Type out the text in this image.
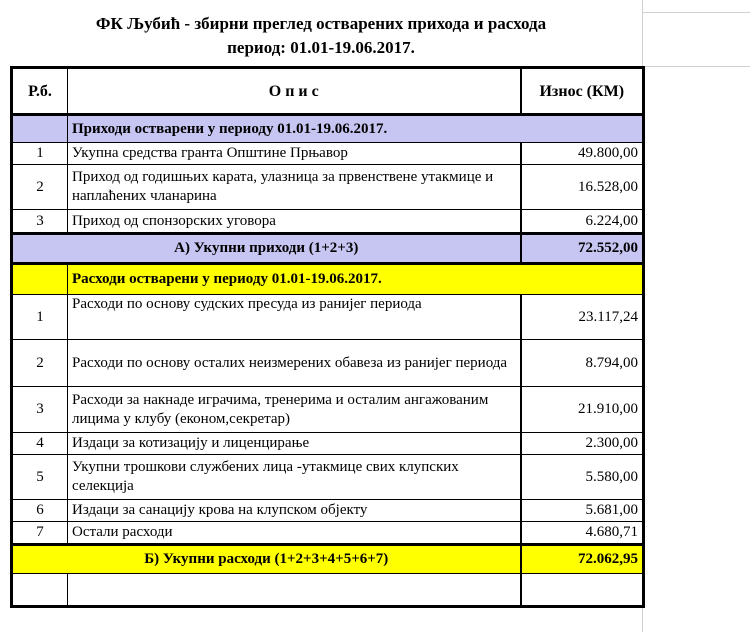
ФК Љубић - збирни преглед остварених прихода и расхода
период: 01.01-19.06.2017.
Р.б.	О п и с	Износ (КМ)
	Приходи остварени у периоду 01.01-19.06.2017.	
1	Укупна средства гранта Општине Прњавор	49.800,00
2	Приход од годишњих карата, улазница за првенствене утакмице и наплаћених чланарина	16.528,00
3	Приход од спонзорских уговора	6.224,00
А) Укупни приходи (1+2+3)		72.552,00
	Расходи остварени у периоду 01.01-19.06.2017.	
1	Расходи по основу судских пресуда из ранијег периода	23.117,24
2	Расходи по основу осталих неизмерених обавеза из ранијег периода	8.794,00
3	Расходи за накнаде играчима, тренерима и осталим ангажованим лицима у клубу (економ,секретар)	21.910,00
4	Издаци за котизацију и лиценцирање	2.300,00
5	Укупни трошкови службених лица -утакмице свих клупских селекција	5.580,00
6	Издаци за санацију крова на клупском објекту	5.681,00
7	Остали расходи	4.680,71
Б) Укупни расходи (1+2+3+4+5+6+7)		72.062,95
